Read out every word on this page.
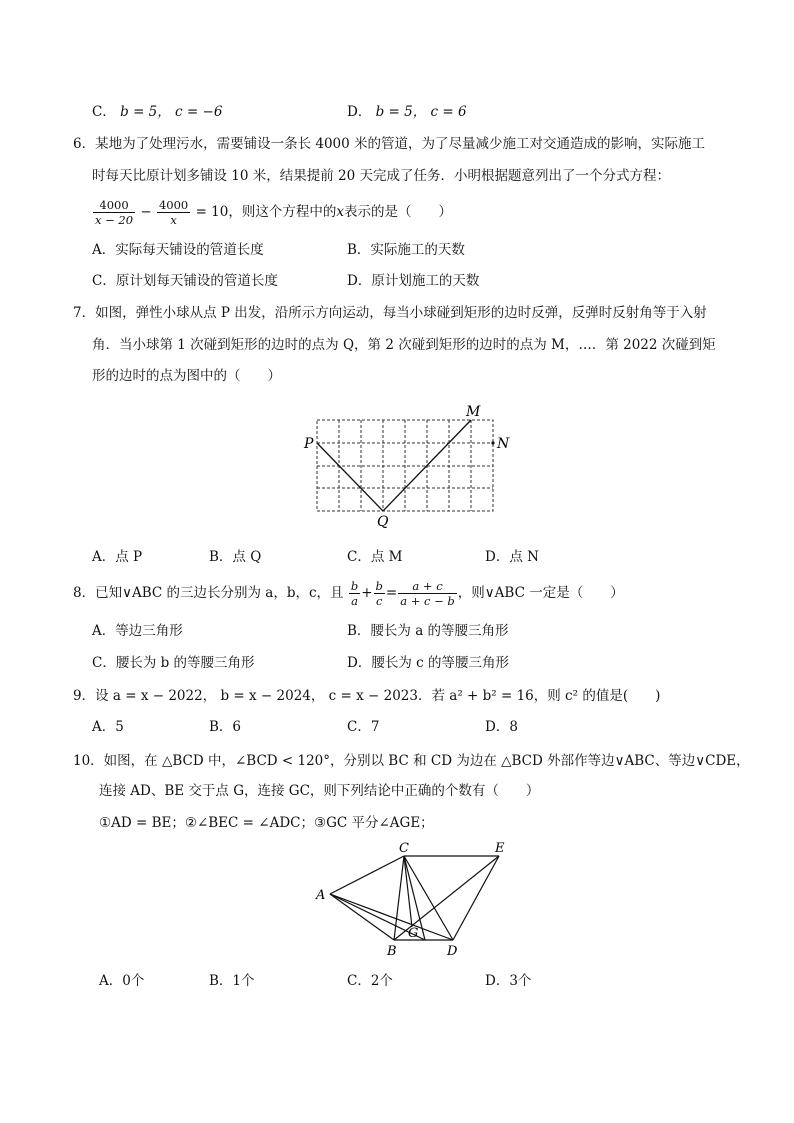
C． b = 5， c = −6	D． b = 5， c = 6
6．某地为了处理污水，需要铺设一条长 4000 米的管道，为了尽量减少施工对交通造成的影响，实际施工
时每天比原计划多铺设 10 米，结果提前 20 天完成了任务．小明根据题意列出了一个分式方程：
$\frac{4000}{x - 20} - \frac{4000}{x} = 10$，则这个方程中的x表示的是（　　）
A．实际每天铺设的管道长度	B．实际施工的天数
C．原计划每天铺设的管道长度	D．原计划施工的天数
7．如图，弹性小球从点 P 出发，沿所示方向运动，每当小球碰到矩形的边时反弹，反弹时反射角等于入射
角．当小球第 1 次碰到矩形的边时的点为 Q，第 2 次碰到矩形的边时的点为 M，…．第 2022 次碰到矩
形的边时的点为图中的（　　）
P
Q
M
N
A．点 P	B．点 Q	C．点 M	D．点 N
8．已知∨ABC 的三边长分别为 a，b，c，且 $\frac{b}{a} + \frac{b}{c} = \frac{a + c}{a + c - b}$ ，则∨ABC 一定是（　　）
A．等边三角形	B．腰长为 a 的等腰三角形
C．腰长为 b 的等腰三角形	D．腰长为 c 的等腰三角形
9．设 a = x − 2022， b = x − 2024， c = x − 2023．若 a² + b² = 16，则 c² 的值是(　　)
A．5	B．6	C．7	D．8
10．如图，在 △BCD 中，∠BCD < 120°，分别以 BC 和 CD 为边在 △BCD 外部作等边∨ABC、等边∨CDE，
连接 AD、BE 交于点 G，连接 GC，则下列结论中正确的个数有（　　）
①AD = BE；②∠BEC = ∠ADC；③GC 平分∠AGE；
C	E
A
B
G
D
A．0个	B．1个	C．2个	D．3个
